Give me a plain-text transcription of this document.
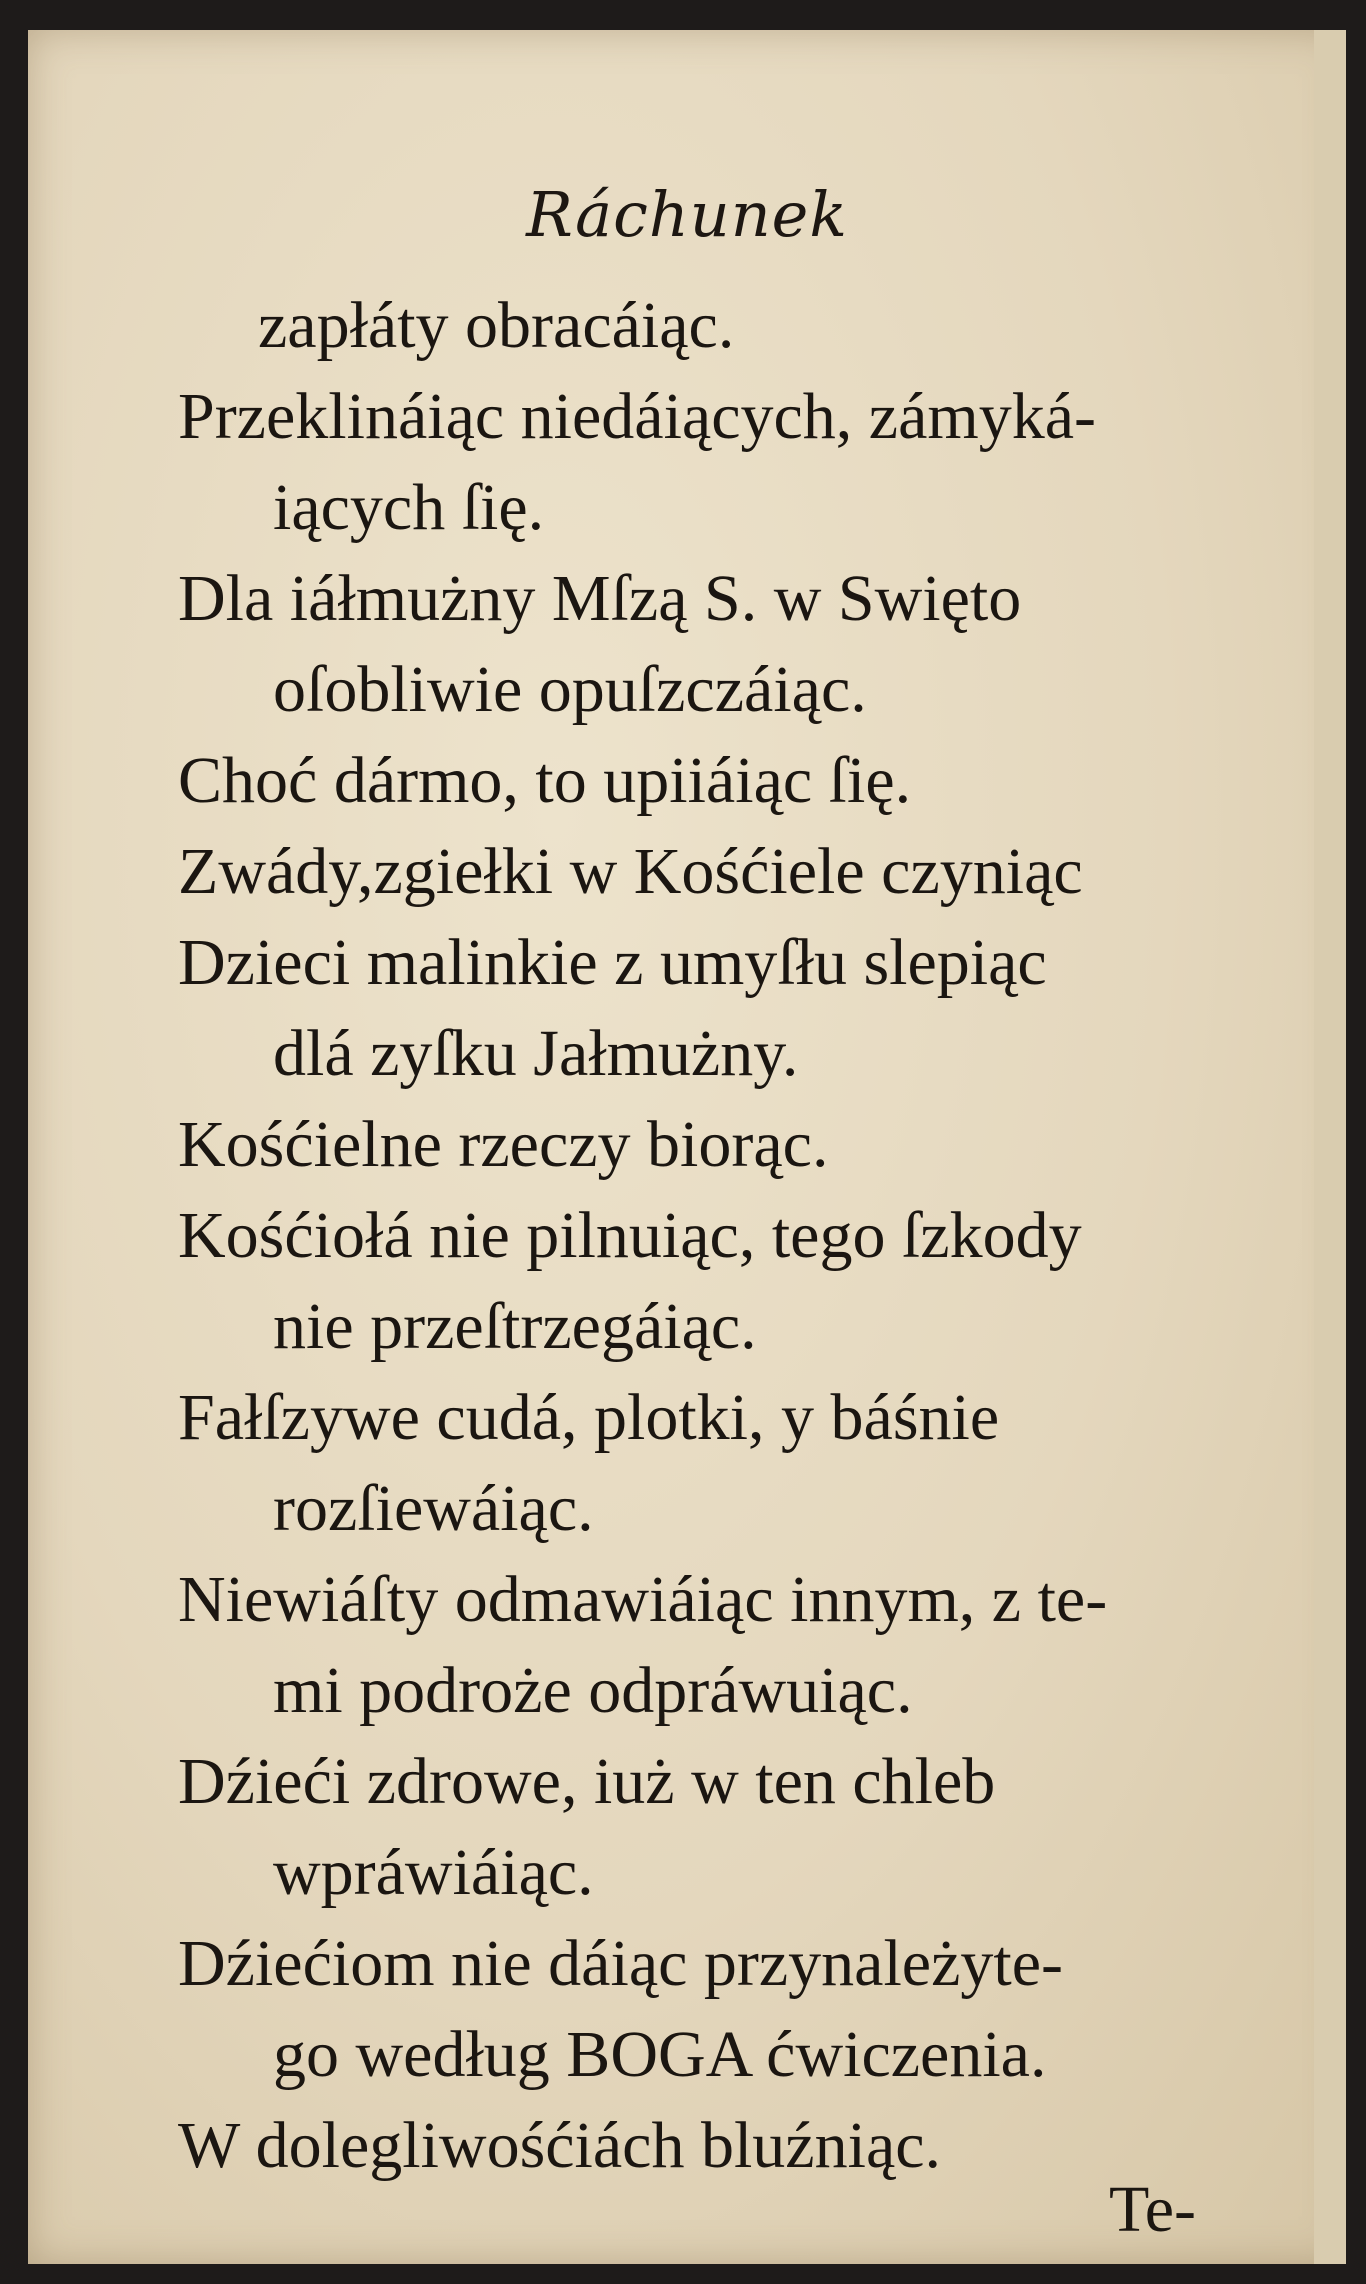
Ráchunek
zapłáty obracáiąc.
Przeklináiąc niedáiących, zámyká-
iących ſię.
Dla iáłmużny Mſzą S. w Swięto
oſobliwie opuſzczáiąc.
Choć dármo, to upiiáiąc ſię.
Zwády,zgiełki w Kośćiele czyniąc
Dzieci malinkie z umyſłu slepiąc
dlá zyſku Jałmużny.
Kośćielne rzeczy biorąc.
Kośćiołá nie pilnuiąc, tego ſzkody
nie przeſtrzegáiąc.
Fałſzywe cudá, plotki, y báśnie
rozſiewáiąc.
Niewiáſty odmawiáiąc innym, z te-
mi podroże odpráwuiąc.
Dźieći zdrowe, iuż w ten chleb
wpráwiáiąc.
Dźiećiom nie dáiąc przynależyte-
go według BOGA ćwiczenia.
W dolegliwośćiách bluźniąc.
Te-
